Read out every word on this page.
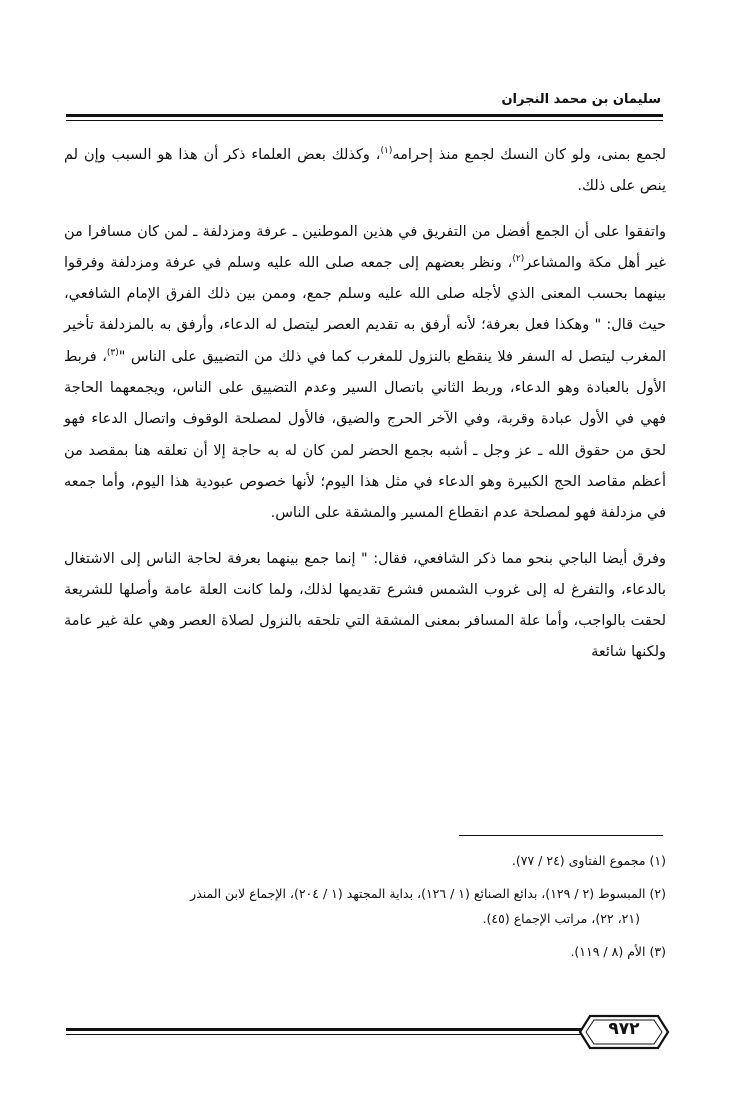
سليمان بن محمد النجران

لجمع بمنى، ولو كان النسك لجمع منذ إحرامه$^{(١)}$، وكذلك بعض العلماء ذكر أن هذا هو السبب وإن لم ينص على ذلك.

واتفقوا على أن الجمع أفضل من التفريق في هذين الموطنين ـ عرفة ومزدلفة ـ لمن كان مسافرا من غير أهل مكة والمشاعر$^{(٢)}$، ونظر بعضهم إلى جمعه صلى الله عليه وسلم في عرفة ومزدلفة وفرقوا بينهما بحسب المعنى الذي لأجله صلى الله عليه وسلم جمع، وممن بين ذلك الفرق الإمام الشافعي، حيث قال: " وهكذا فعل بعرفة؛ لأنه أرفق به تقديم العصر ليتصل له الدعاء، وأرفق به بالمزدلفة تأخير المغرب ليتصل له السفر فلا ينقطع بالنزول للمغرب كما في ذلك من التضييق على الناس "$^{(٣)}$، فربط الأول بالعبادة وهو الدعاء، وربط الثاني باتصال السير وعدم التضييق على الناس، ويجمعهما الحاجة فهي في الأول عبادة وقربة، وفي الآخر الحرج والضيق، فالأول لمصلحة الوقوف واتصال الدعاء فهو لحق من حقوق الله ـ عز وجل ـ أشبه بجمع الحضر لمن كان له به حاجة إلا أن تعلقه هنا بمقصد من أعظم مقاصد الحج الكبيرة وهو الدعاء في مثل هذا اليوم؛ لأنها خصوص عبودية هذا اليوم، وأما جمعه في مزدلفة فهو لمصلحة عدم انقطاع المسير والمشقة على الناس.

وفرق أيضا الباجي بنحو مما ذكر الشافعي، فقال: " إنما جمع بينهما بعرفة لحاجة الناس إلى الاشتغال بالدعاء، والتفرغ له إلى غروب الشمس فشرع تقديمها لذلك، ولما كانت العلة عامة وأصلها للشريعة لحقت بالواجب، وأما علة المسافر بمعنى المشقة التي تلحقه بالنزول لصلاة العصر وهي علة غير عامة ولكنها شائعة

(١) مجموع الفتاوى (٢٤ / ٧٧).

(٢) المبسوط (٢ / ١٢٩)، بدائع الصنائع (١ / ١٢٦)، بداية المجتهد (١ / ٢٠٤)، الإجماع لابن المنذر
(٢١، ٢٢)، مراتب الإجماع (٤٥).

(٣) الأم (٨ / ١١٩).

٩٧٢
